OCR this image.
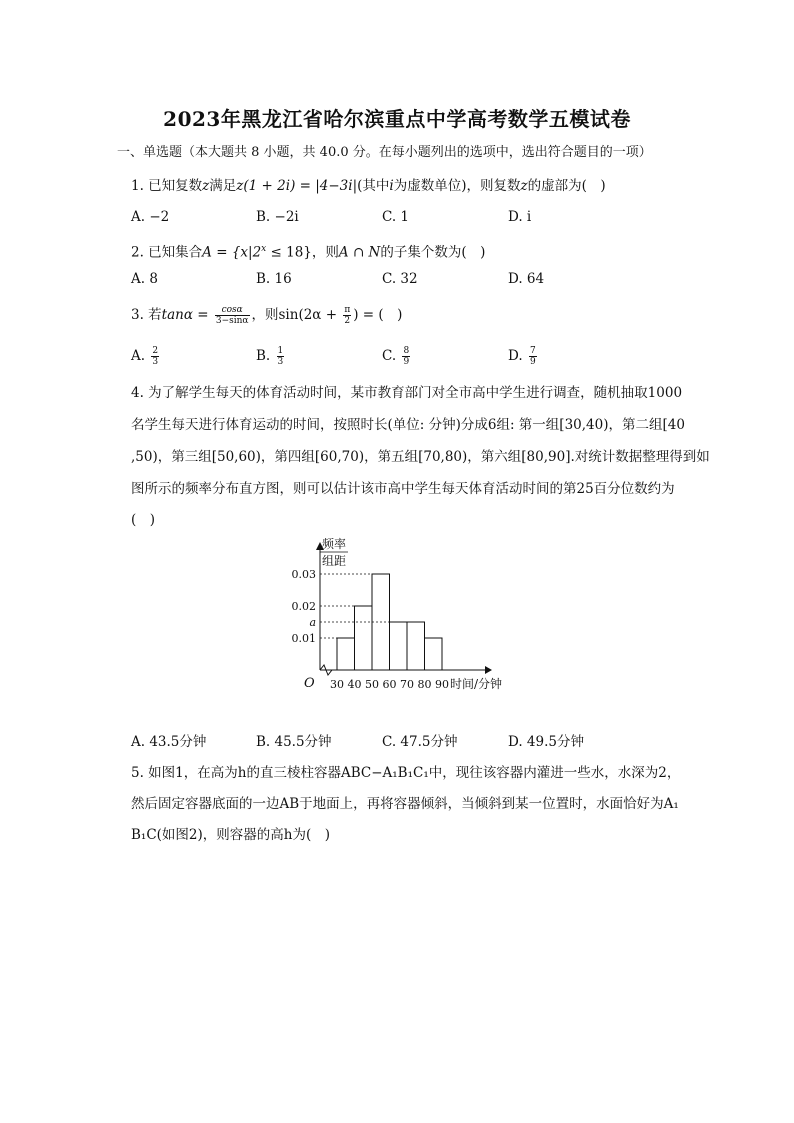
2023年黑龙江省哈尔滨重点中学高考数学五模试卷
一、单选题（本大题共 8 小题，共 40.0 分。在每小题列出的选项中，选出符合题目的一项）
1. 已知复数z满足z(1 + 2i) = |4−3i|(其中i为虚数单位)，则复数z的虚部为(　)
A. −2	B. −2i	C. 1	D. i
2. 已知集合$A = \{x|2^x \le 18\}$，则A ∩ N的子集个数为(　)
A. 8	B. 16	C. 32	D. 64
3. 若$\tan\alpha = \frac{\cos\alpha}{3-\sin\alpha}$ ，则$\sin(2\alpha + \frac{\pi}{2}$ ) = (　)
A. $\frac{2}{3}$	B. $\frac{1}{3}$	C. $\frac{8}{9}$	D. $\frac{7}{9}$
4. 为了解学生每天的体育活动时间，某市教育部门对全市高中学生进行调查，随机抽取1000
名学生每天进行体育运动的时间，按照时长(单位: 分钟)分成6组: 第一组[30,40)，第二组[40
,50)，第三组[50,60)，第四组[60,70)，第五组[70,80)，第六组[80,90].对统计数据整理得到如
图所示的频率分布直方图，则可以估计该市高中学生每天体育活动时间的第25百分位数约为
(　)
频率
组距
O 30 40 50 60 70 80 90 时间/分钟
0.03
0.02
a
0.01
A. 43.5分钟	B. 45.5分钟	C. 47.5分钟	D. 49.5分钟
5. 如图1，在高为h的直三棱柱容器ABC−A₁B₁C₁中，现往该容器内灌进一些水，水深为2，
然后固定容器底面的一边AB于地面上，再将容器倾斜，当倾斜到某一位置时，水面恰好为A₁
B₁C(如图2)，则容器的高h为(　)
